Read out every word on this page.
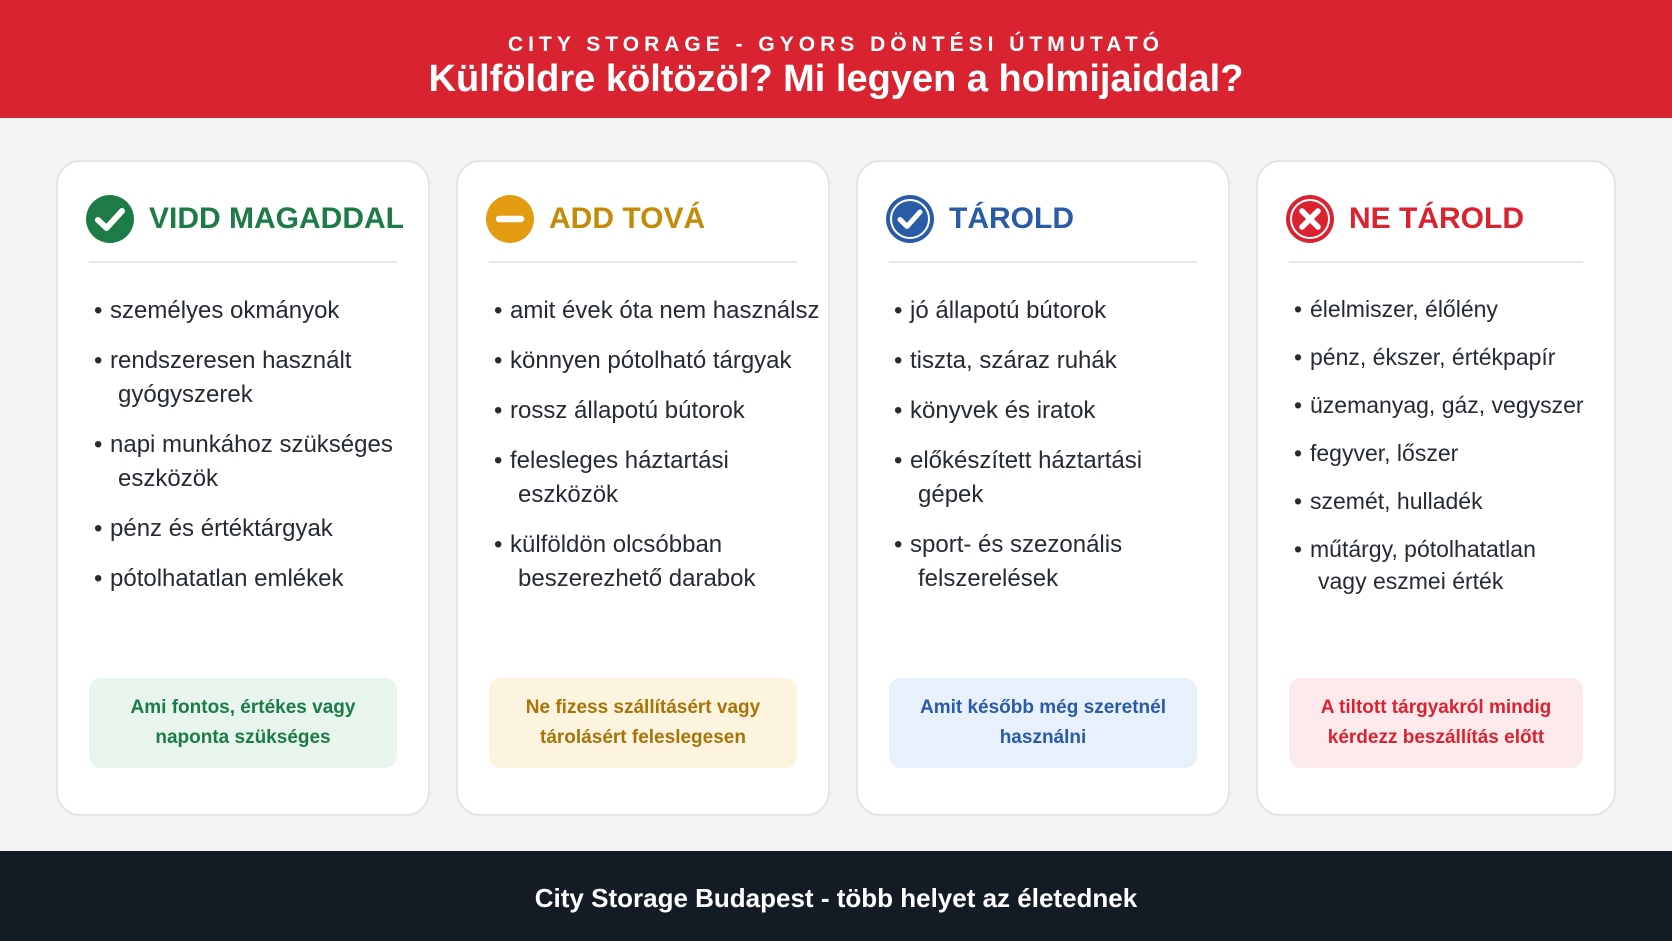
CITY STORAGE - GYORS DÖNTÉSI ÚTMUTATÓ
Külföldre költözöl? Mi legyen a holmijaiddal?
VIDD MAGADDAL
• személyes okmányok
• rendszeresen használt
gyógyszerek
• napi munkához szükséges
eszközök
• pénz és értéktárgyak
• pótolhatatlan emlékek
Ami fontos, értékes vagy
naponta szükséges
ADD TOVÁ
• amit évek óta nem használsz
• könnyen pótolható tárgyak
• rossz állapotú bútorok
• felesleges háztartási
eszközök
• külföldön olcsóbban
beszerezhető darabok
Ne fizess szállításért vagy
tárolásért feleslegesen
TÁROLD
• jó állapotú bútorok
• tiszta, száraz ruhák
• könyvek és iratok
• előkészített háztartási
gépek
• sport- és szezonális
felszerelések
Amit később még szeretnél
használni
NE TÁROLD
• élelmiszer, élőlény
• pénz, ékszer, értékpapír
• üzemanyag, gáz, vegyszer
• fegyver, lőszer
• szemét, hulladék
• műtárgy, pótolhatatlan
vagy eszmei érték
A tiltott tárgyakról mindig
kérdezz beszállítás előtt
City Storage Budapest - több helyet az életednek
